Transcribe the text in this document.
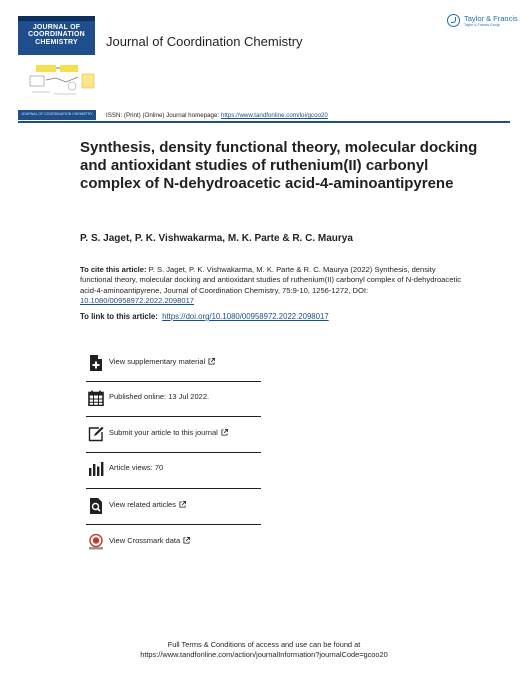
JOURNAL OF COORDINATION CHEMISTRY	Journal of Coordination Chemistry
Taylor & Francis
Taylor & Francis Group
JOURNAL OF COORDINATION CHEMISTRY	ISSN: (Print) (Online) Journal homepage: https://www.tandfonline.com/loi/gcoo20
Synthesis, density functional theory, molecular docking and antioxidant studies of ruthenium(II) carbonyl complex of N-dehydroacetic acid-4-aminoantipyrene
P. S. Jaget, P. K. Vishwakarma, M. K. Parte & R. C. Maurya

To cite this article: P. S. Jaget, P. K. Vishwakarma, M. K. Parte & R. C. Maurya (2022) Synthesis, density functional theory, molecular docking and antioxidant studies of ruthenium(II) carbonyl complex of N-dehydroacetic acid-4-aminoantipyrene, Journal of Coordination Chemistry, 75:9-10, 1256-1272, DOI: 10.1080/00958972.2022.2098017

To link to this article:  https://doi.org/10.1080/00958972.2022.2098017
View supplementary material
Published online: 13 Jul 2022.
Submit your article to this journal
Article views: 70
View related articles
View Crossmark data
Full Terms & Conditions of access and use can be found at
https://www.tandfonline.com/action/journalInformation?journalCode=gcoo20
